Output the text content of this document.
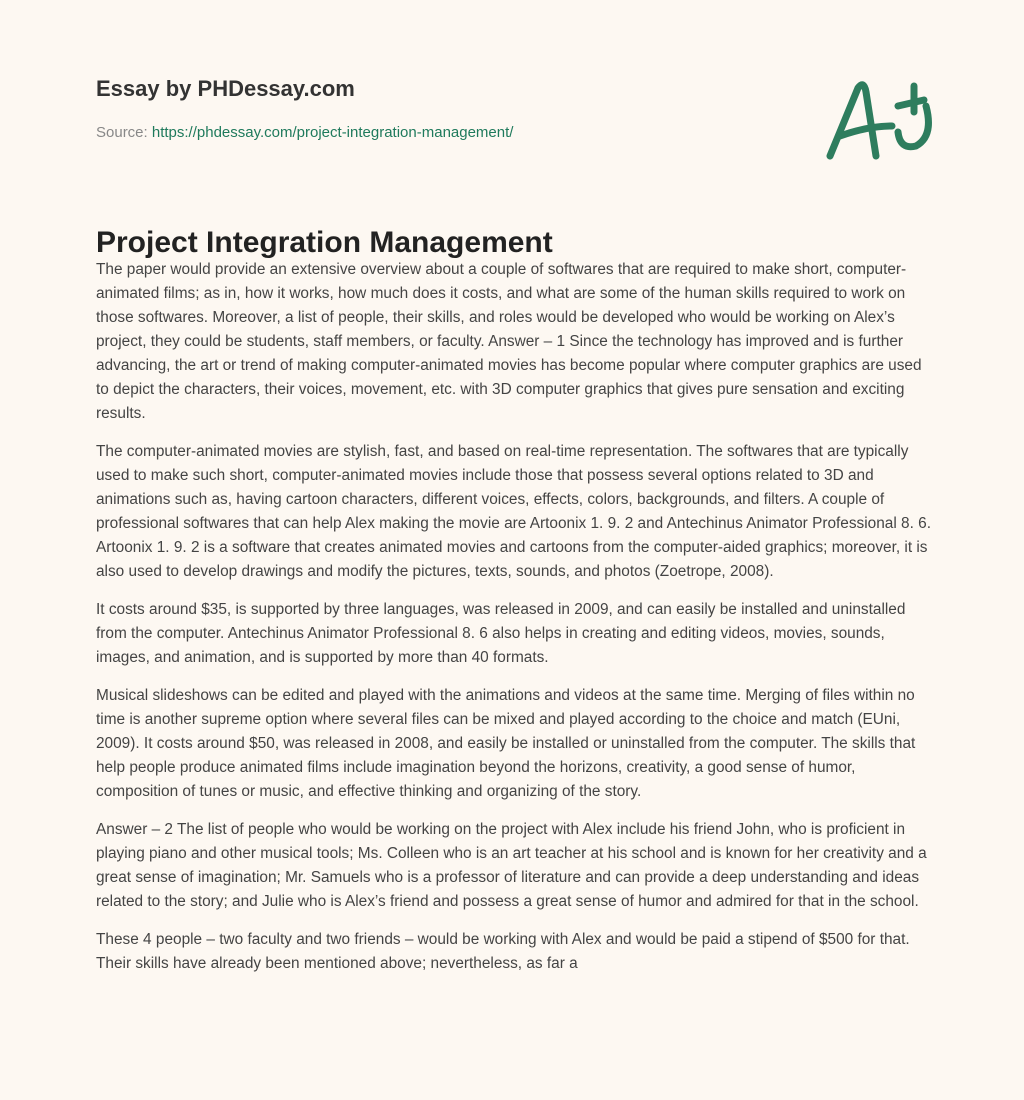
Essay by PHDessay.com
Source: https://phdessay.com/project-integration-management/
Project Integration Management

The paper would provide an extensive overview about a couple of softwares that are required to make short, computer-animated films; as in, how it works, how much does it costs, and what are some of the human skills required to work on those softwares. Moreover, a list of people, their skills, and roles would be developed who would be working on Alex’s project, they could be students, staff members, or faculty. Answer – 1 Since the technology has improved and is further advancing, the art or trend of making computer-animated movies has become popular where computer graphics are used to depict the characters, their voices, movement, etc. with 3D computer graphics that gives pure sensation and exciting results.

The computer-animated movies are stylish, fast, and based on real-time representation. The softwares that are typically used to make such short, computer-animated movies include those that possess several options related to 3D and animations such as, having cartoon characters, different voices, effects, colors, backgrounds, and filters. A couple of professional softwares that can help Alex making the movie are Artoonix 1. 9. 2 and Antechinus Animator Professional 8. 6. Artoonix 1. 9. 2 is a software that creates animated movies and cartoons from the computer-aided graphics; moreover, it is also used to develop drawings and modify the pictures, texts, sounds, and photos (Zoetrope, 2008).

It costs around $35, is supported by three languages, was released in 2009, and can easily be installed and uninstalled from the computer. Antechinus Animator Professional 8. 6 also helps in creating and editing videos, movies, sounds, images, and animation, and is supported by more than 40 formats.

Musical slideshows can be edited and played with the animations and videos at the same time. Merging of files within no time is another supreme option where several files can be mixed and played according to the choice and match (EUni, 2009). It costs around $50, was released in 2008, and easily be installed or uninstalled from the computer. The skills that help people produce animated films include imagination beyond the horizons, creativity, a good sense of humor, composition of tunes or music, and effective thinking and organizing of the story.

Answer – 2 The list of people who would be working on the project with Alex include his friend John, who is proficient in playing piano and other musical tools; Ms. Colleen who is an art teacher at his school and is known for her creativity and a great sense of imagination; Mr. Samuels who is a professor of literature and can provide a deep understanding and ideas related to the story; and Julie who is Alex’s friend and possess a great sense of humor and admired for that in the school.

These 4 people – two faculty and two friends – would be working with Alex and would be paid a stipend of $500 for that. Their skills have already been mentioned above; nevertheless, as far a
